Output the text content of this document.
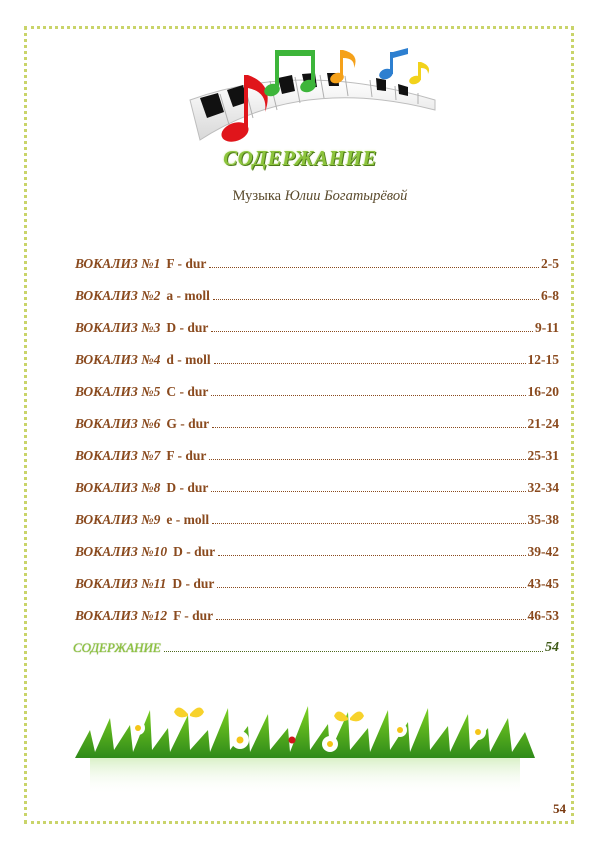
СОДЕРЖАНИЕ
Музыка Юлии Богатырёвой
ВОКАЛИЗ №1 F - dur	2-5
ВОКАЛИЗ №2 a - moll	6-8
ВОКАЛИЗ №3 D - dur	9-11
ВОКАЛИЗ №4 d - moll	12-15
ВОКАЛИЗ №5 C - dur	16-20
ВОКАЛИЗ №6 G - dur	21-24
ВОКАЛИЗ №7 F - dur	25-31
ВОКАЛИЗ №8 D - dur	32-34
ВОКАЛИЗ №9 e - moll	35-38
ВОКАЛИЗ №10 D - dur	39-42
ВОКАЛИЗ №11 D - dur	43-45
ВОКАЛИЗ №12 F - dur	46-53
СОДЕРЖАНИЕ	54
54
